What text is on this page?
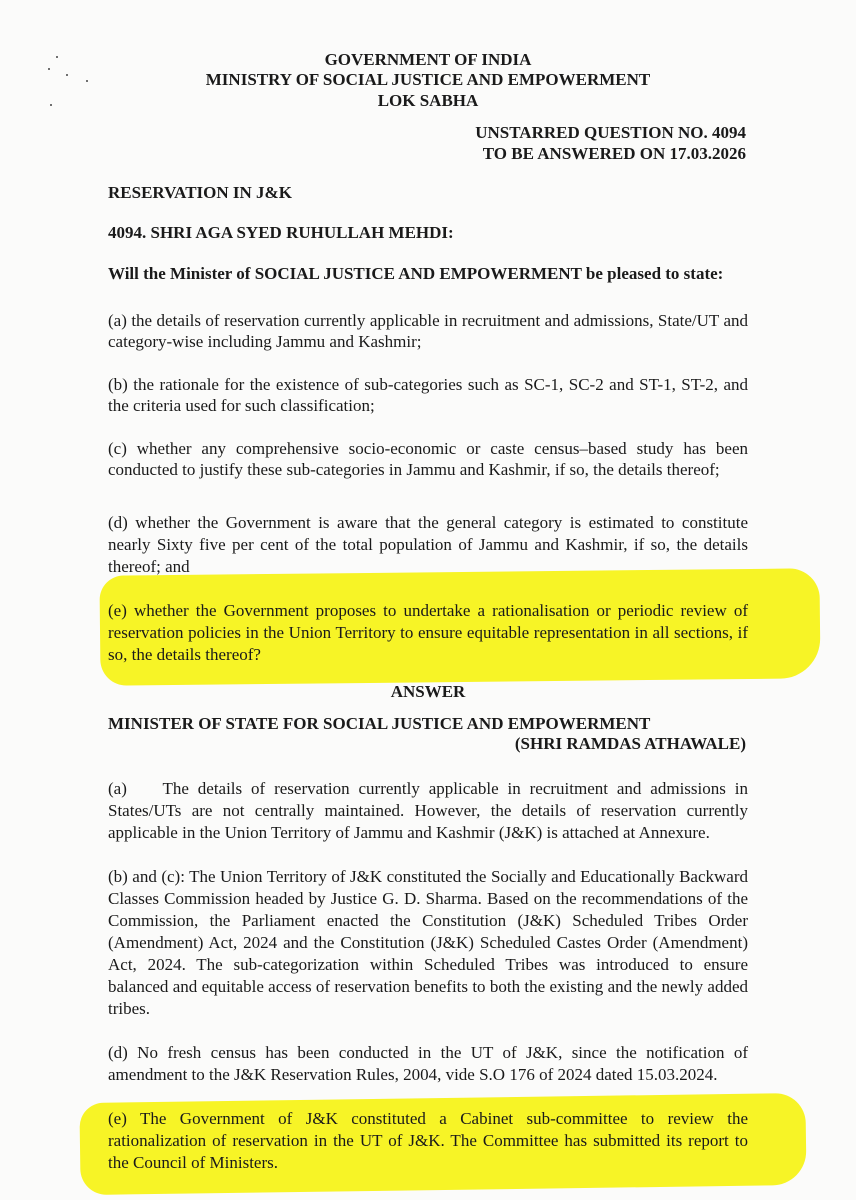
GOVERNMENT OF INDIA
MINISTRY OF SOCIAL JUSTICE AND EMPOWERMENT
LOK SABHA
UNSTARRED QUESTION NO. 4094
TO BE ANSWERED ON 17.03.2026
RESERVATION IN J&K
4094. SHRI AGA SYED RUHULLAH MEHDI:
Will the Minister of SOCIAL JUSTICE AND EMPOWERMENT be pleased to state:
(a) the details of reservation currently applicable in recruitment and admissions, State/UT and
category-wise including Jammu and Kashmir;
(b) the rationale for the existence of sub-categories such as SC-1, SC-2 and ST-1, ST-2, and
the criteria used for such classification;
(c) whether any comprehensive socio-economic or caste census–based study has been
conducted to justify these sub-categories in Jammu and Kashmir, if so, the details thereof;
(d) whether the Government is aware that the general category is estimated to constitute
nearly Sixty five per cent of the total population of Jammu and Kashmir, if so, the details
thereof; and
(e) whether the Government proposes to undertake a rationalisation or periodic review of
reservation policies in the Union Territory to ensure equitable representation in all sections, if
so, the details thereof?
ANSWER
MINISTER OF STATE FOR SOCIAL JUSTICE AND EMPOWERMENT
(SHRI RAMDAS ATHAWALE)
(a)    The details of reservation currently applicable in recruitment and admissions in
States/UTs are not centrally maintained. However, the details of reservation currently
applicable in the Union Territory of Jammu and Kashmir (J&K) is attached at Annexure.
(b) and (c): The Union Territory of J&K constituted the Socially and Educationally Backward
Classes Commission headed by Justice G. D. Sharma. Based on the recommendations of the
Commission, the Parliament enacted the Constitution (J&K) Scheduled Tribes Order
(Amendment) Act, 2024 and the Constitution (J&K) Scheduled Castes Order (Amendment)
Act, 2024. The sub-categorization within Scheduled Tribes was introduced to ensure
balanced and equitable access of reservation benefits to both the existing and the newly added
tribes.
(d) No fresh census has been conducted in the UT of J&K, since the notification of
amendment to the J&K Reservation Rules, 2004, vide S.O 176 of 2024 dated 15.03.2024.
(e) The Government of J&K constituted a Cabinet sub-committee to review the
rationalization of reservation in the UT of J&K. The Committee has submitted its report to
the Council of Ministers.
